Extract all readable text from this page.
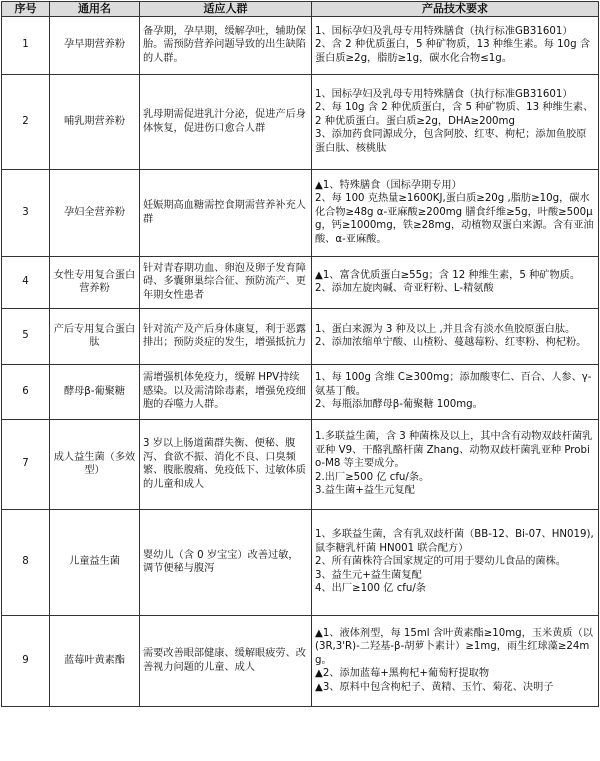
序号	通用名	适应人群	产品技术要求
1	孕早期营养粉	备孕期，孕早期，缓解孕吐，辅助保胎。需预防营养问题导致的出生缺陷的人群。	1、国标孕妇及乳母专用特殊膳食（执行标准GB31601）
2、含 2 种优质蛋白，5 种矿物质，13 种维生素。每 10g 含蛋白质≥2g，脂肪≥1g，碳水化合物≤1g。

2	哺乳期营养粉	乳母期需促进乳汁分泌，促进产后身体恢复，促进伤口愈合人群	1、国标孕妇及乳母专用特殊膳食（执行标准GB31601）
2、每 10g 含 2 种优质蛋白，含 5 种矿物质、13 种维生素、2 种优质蛋白。蛋白质≥2g，DHA≥200mg
3、添加药食同源成分，包含阿胶、红枣、枸杞；添加鱼胶原蛋白肽、核桃肽

3	孕妇全营养粉	妊娠期高血糖需控食期需营养补充人群	▲1、特殊膳食（国标孕期专用）
2、每 100 克热量≥1600KJ,蛋白质≥20g ,脂肪≥10g，碳水化合物≥48g α-亚麻酸≥200mg 膳食纤维≥5g，叶酸≥500μg，钙≥1000mg，铁≥28mg，动植物双蛋白来源。含有亚油酸、α-亚麻酸。

4	女性专用复合蛋白营养粉	针对青春期功血、卵泡及卵子发育障碍、多囊卵巢综合征、预防流产、更年期女性患者	▲1、富含优质蛋白≥55g；含 12 种维生素，5 种矿物质。
2、添加左旋肉碱、奇亚籽粉、L-精氨酸

5	产后专用复合蛋白肽	针对流产及产后身体康复，利于恶露排出；预防炎症的发生，增强抵抗力	1、蛋白来源为 3 种及以上 ,并且含有淡水鱼胶原蛋白肽。
2、添加浓缩单宁酸、山楂粉、蔓越莓粉、红枣粉、枸杞粉。

6	酵母β-葡聚糖	需增强机体免疫力，缓解 HPV持续感染。以及需清除毒素，增强免疫细胞的吞噬力人群。	1、每 100g 含维 C≥300mg；添加酸枣仁、百合、人参、γ-氨基丁酸。
2、每瓶添加酵母β-葡聚糖 100mg。

7	成人益生菌（多效型）	3 岁以上肠道菌群失衡、便秘、腹泻、食欲不振、消化不良、口臭频繁、腹胀腹痛、免疫低下、过敏体质的儿童和成人	1.多联益生菌，含 3 种菌株及以上，其中含有动物双歧杆菌乳亚种 V9、干酪乳酪杆菌 Zhang、动物双歧杆菌乳亚种 Probio-M8 等主要成分。
2.出厂≥500 亿 cfu/条。
3.益生菌+益生元复配

8	儿童益生菌	婴幼儿（含 0 岁宝宝）改善过敏，调节便秘与腹泻	1、多联益生菌，含有乳双歧杆菌（BB-12、Bi-07、HN019),鼠李糖乳杆菌 HN001 联合配方）
2、所有菌株符合国家规定的可用于婴幼儿食品的菌株。
3、益生元+益生菌复配
4、出厂≥100 亿 cfu/条

9	蓝莓叶黄素酯	需要改善眼部健康、缓解眼疲劳、改善视力问题的儿童、成人	▲1、液体剂型，每 15ml 含叶黄素酯≥10mg，玉米黄质（以(3R,3'R)-二羟基-β-胡萝卜素计）≥1mg，雨生红球藻≥24mg。
▲2、添加蓝莓+黑枸杞+葡萄籽提取物
▲3、原料中包含枸杞子、黄精、玉竹、菊花、决明子
